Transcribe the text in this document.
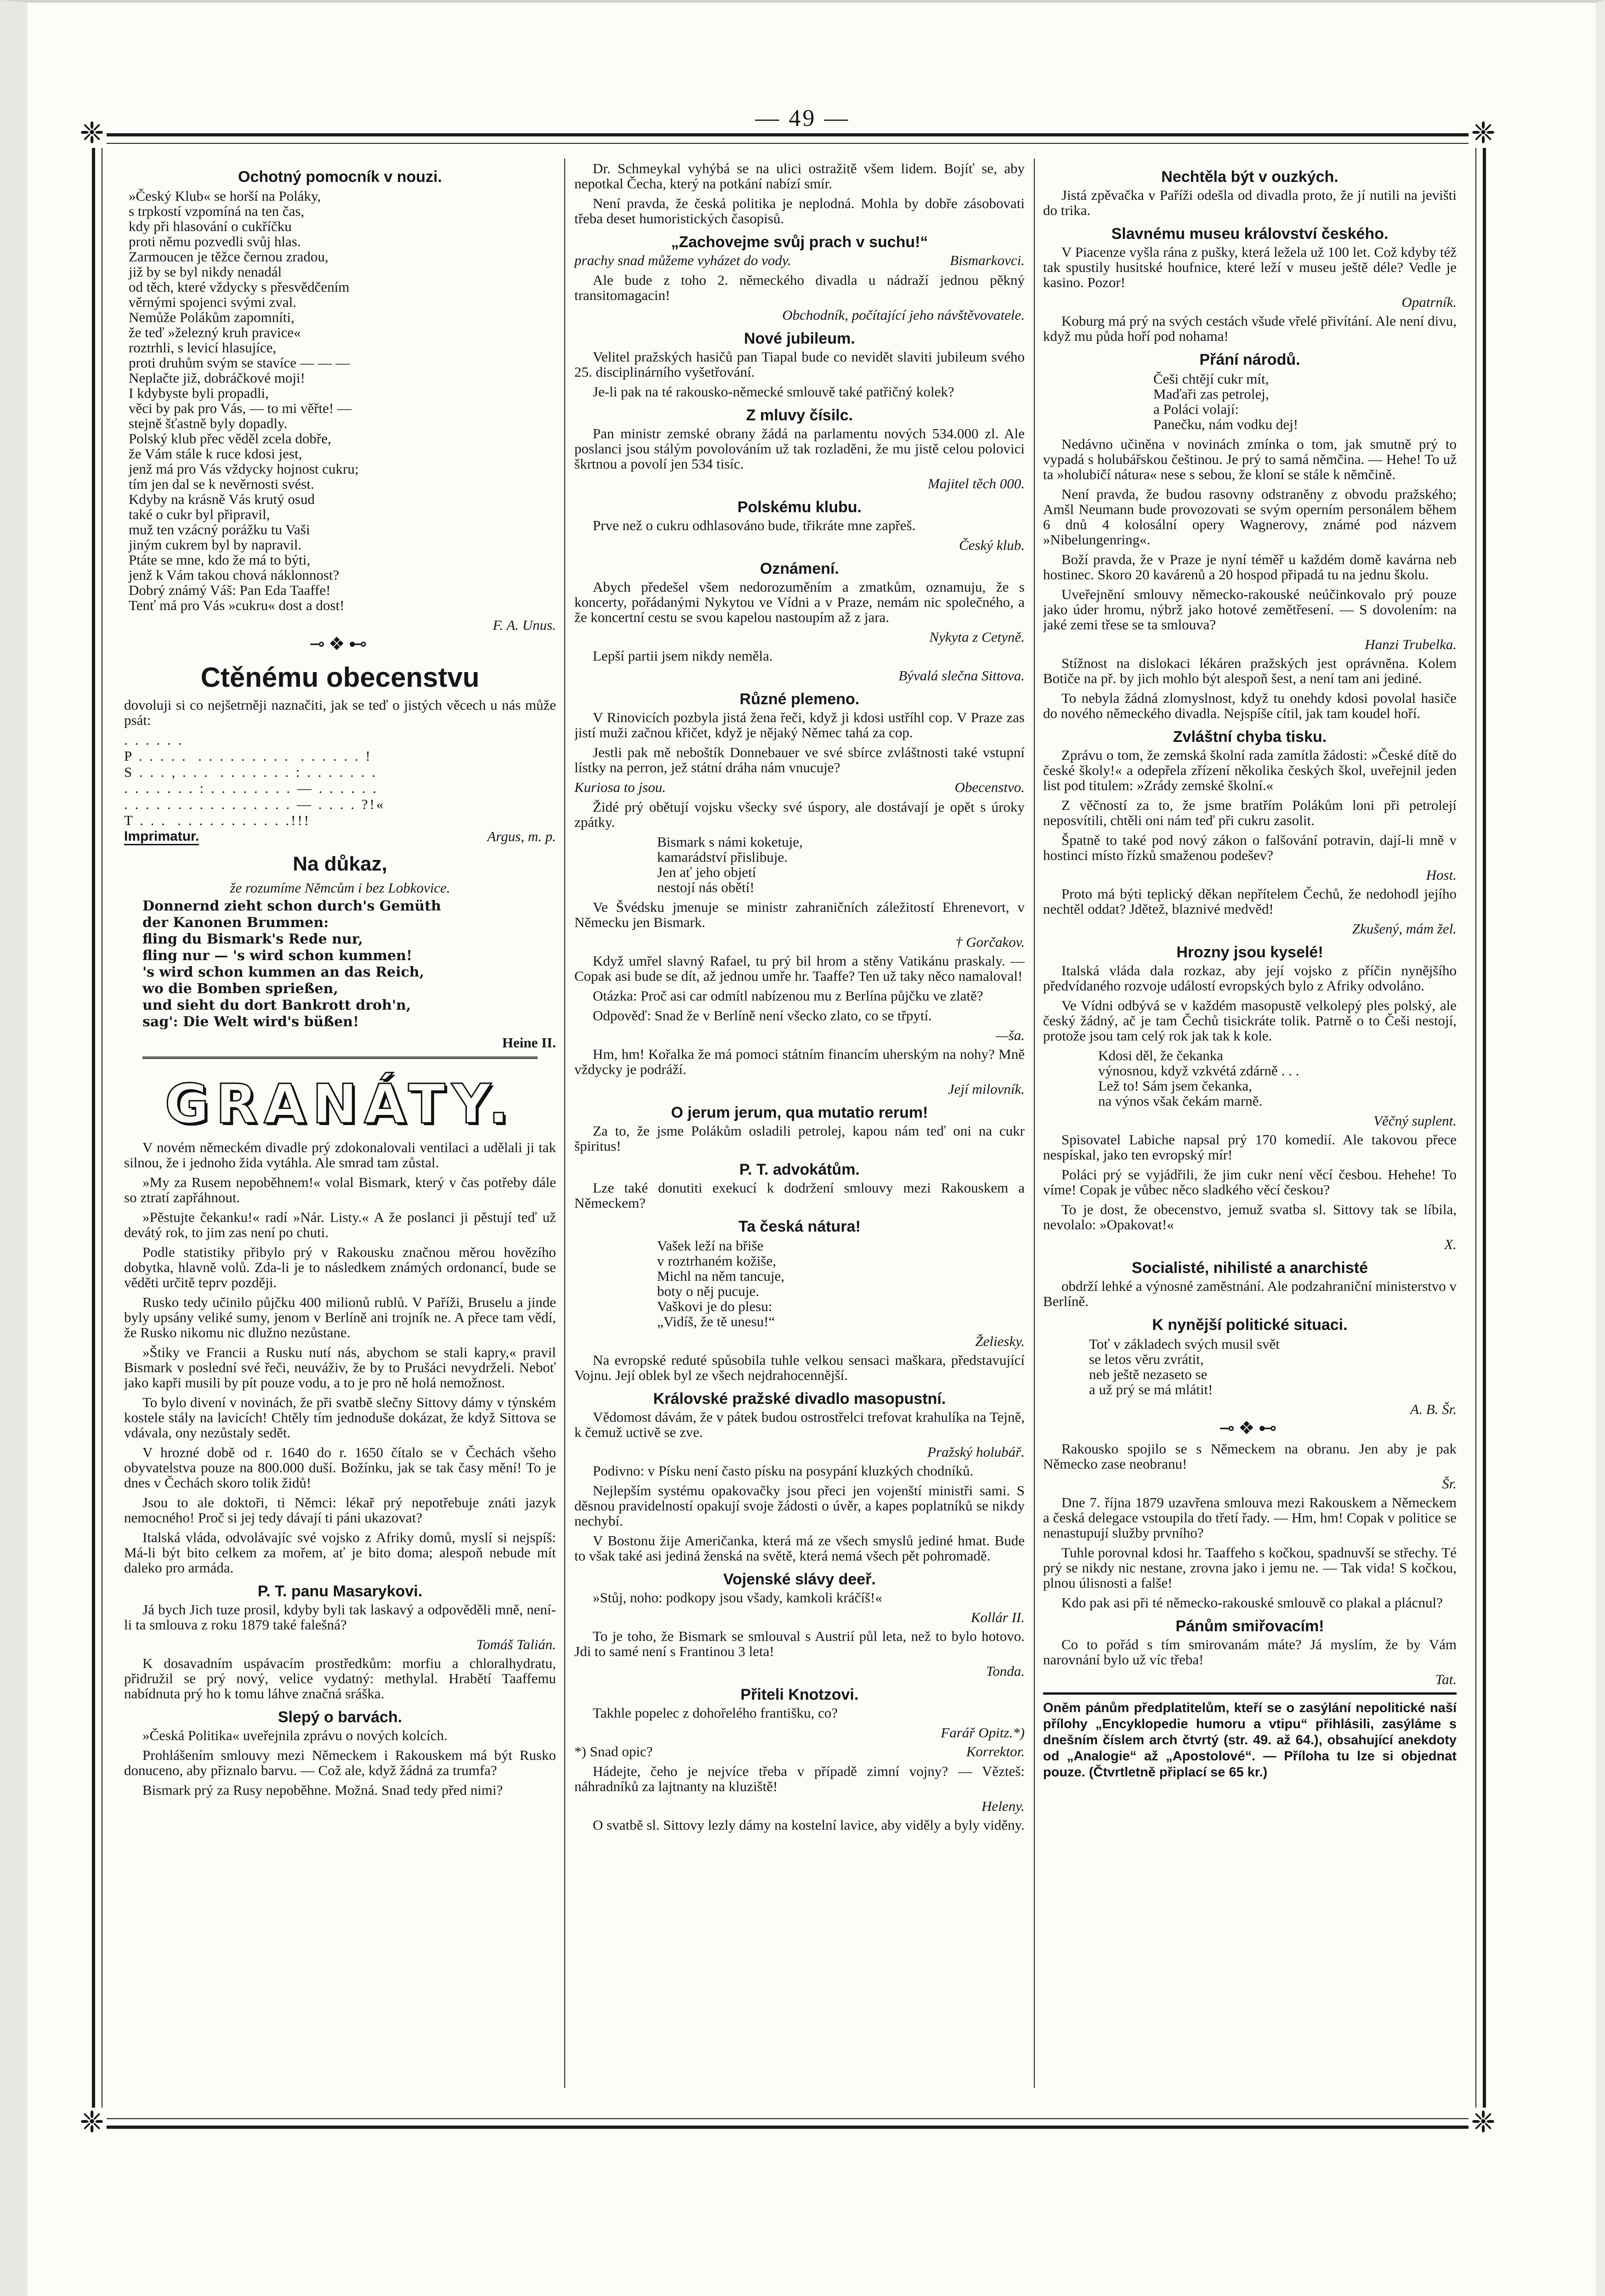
— 49 —
❈	❈
❈	❈
Ochotný pomocník v nouzi.
»Český Klub« se horší na Poláky,
s trpkostí vzpomíná na ten čas,
kdy při hlasování o cukříčku
proti němu pozvedli svůj hlas.
Zarmoucen je těžce černou zradou,
již by se byl nikdy nenadál
od těch, které vždycky s přesvědčením
věrnými spojenci svými zval.
Nemůže Polákům zapomníti,
že teď »železný kruh pravice«
roztrhli, s levicí hlasujíce,
proti druhům svým se stavíce — — —
Neplačte již, dobráčkové moji!
I kdybyste byli propadli,
věci by pak pro Vás, — to mi věřte! —
stejně šťastně byly dopadly.
Polský klub přec věděl zcela dobře,
že Vám stále k ruce kdosi jest,
jenž má pro Vás vždycky hojnost cukru;
tím jen dal se k nevěrnosti svést.
Kdyby na krásně Vás krutý osud
také o cukr byl připravil,
muž ten vzácný porážku tu Vaši
jiným cukrem byl by napravil.
Ptáte se mne, kdo že má to býti,
jenž k Vám takou chová náklonnost?
Dobrý známý Váš: Pan Eda Taaffe!
Tenť má pro Vás »cukru« dost a dost!
F. A. Unus.
⊸❖⊷
Ctěnému obecenstvu

dovoluji si co nejšetrněji naznačiti, jak se teď o jistých věcech u nás může psát:

. . . . . .
P . . . . .  . . . . . . . . .  . . . . . . !
S . . . , . . .  . . . . . . . : . . . . . . .
. . . . . . . : . . . . . . . . — . . . . . .
. . . . . . . . . . . . . . . . — . . . . ?!«
T . . .  . . . . . . . . . . .!!!
Imprimatur.	Argus, m. p.
Na důkaz,
že rozumíme Němcům i bez Lobkovice.
Donnernd zieht schon durch's Gemüth
der Kanonen Brummen:
fling du Bismark's Rede nur,
fling nur — 's wird schon kummen!
's wird schon kummen an das Reich,
wo die Bomben sprießen,
und sieht du dort Bankrott droh'n,
sag': Die Welt wird's büßen!
Heine II.
GRANÁTY.

V novém německém divadle prý zdokonalovali ventilaci a udělali ji tak silnou, že i jednoho žida vytáhla. Ale smrad tam zůstal.

»My za Rusem nepoběhnem!« volal Bismark, který v čas potřeby dále so ztratí zapřáhnout.

»Pěstujte čekanku!« radí »Nár. Listy.« A že poslanci ji pěstují teď už devátý rok, to jim zas není po chuti.

Podle statistiky přibylo prý v Rakousku značnou měrou hovězího dobytka, hlavně volů. Zda-li je to následkem známých ordonancí, bude se věděti určitě teprv později.

Rusko tedy učinilo půjčku 400 milionů rublů. V Paříži, Bruselu a jinde byly upsány veliké sumy, jenom v Berlíně ani trojník ne. A přece tam vědí, že Rusko nikomu nic dlužno nezůstane.

»Štiky ve Francii a Rusku nutí nás, abychom se stali kapry,« pravil Bismark v poslední své řeči, neuváživ, že by to Prušáci nevydrželi. Neboť jako kapři musili by pít pouze vodu, a to je pro ně holá nemožnost.

To bylo divení v novinách, že při svatbě slečny Sittovy dámy v týnském kostele stály na lavicích! Chtěly tím jednoduše dokázat, že když Sittova se vdávala, ony nezůstaly sedět.

V hrozné době od r. 1640 do r. 1650 čítalo se v Čechách všeho obyvatelstva pouze na 800.000 duší. Božínku, jak se tak časy mění! To je dnes v Čechách skoro tolik židů!

Jsou to ale doktoři, ti Němci: lékař prý nepotřebuje znáti jazyk nemocného! Proč si jej tedy dávají ti páni ukazovat?

Italská vláda, odvolávajíc své vojsko z Afriky domů, myslí si nejspíš: Má-li být bito celkem za mořem, ať je bito doma; alespoň nebude mít daleko pro armáda.

P. T. panu Masarykovi.

Já bych Jich tuze prosil, kdyby byli tak laskavý a odpověděli mně, není-li ta smlouva z roku 1879 také falešná?

Tomáš Talián.

K dosavadním uspávacím prostředkům: morfiu a chloralhydratu, přidružil se prý nový, velice vydatný: methylal. Hrabětí Taaffemu nabídnuta prý ho k tomu láhve značná sráška.

Slepý o barvách.

»Česká Politika« uveřejnila zprávu o nových kolcích.

Prohlášením smlouvy mezi Německem i Rakouskem má být Rusko donuceno, aby přiznalo barvu. — Což ale, když žádná za trumfa?

Bismark prý za Rusy nepoběhne. Možná. Snad tedy před nimi?

Dr. Schmeykal vyhýbá se na ulici ostražitě všem lidem. Bojíť se, aby nepotkal Čecha, který na potkání nabízí smír.

Není pravda, že česká politika je neplodná. Mohla by dobře zásobovati třeba deset humoristických časopisů.

„Zachovejme svůj prach v suchu!“
prachy snad můžeme vyházet do vody.	Bismarkovci.

Ale bude z toho 2. německého divadla u nádraží jednou pěkný transitomagacin!

Obchodník, počítající jeho návštěvovatele.
Nové jubileum.

Velitel pražských hasičů pan Tiapal bude co nevidět slaviti jubileum svého 25. disciplinárního vyšetřování.

Je-li pak na té rakousko-německé smlouvě také patřičný kolek?

Z mluvy čísilc.

Pan ministr zemské obrany žádá na parlamentu nových 534.000 zl. Ale poslanci jsou stálým povolováním už tak rozladěni, že mu jistě celou polovici škrtnou a povolí jen 534 tisíc.

Majitel těch 000.
Polskému klubu.

Prve než o cukru odhlasováno bude, třikráte mne zapřeš.

Český klub.
Oznámení.

Abych předešel všem nedorozuměním a zmatkům, oznamuju, že s koncerty, pořádanými Nykytou ve Vídni a v Praze, nemám nic společného, a že koncertní cestu se svou kapelou nastoupím až z jara.

Nykyta z Cetyně.

Lepší partii jsem nikdy neměla.

Bývalá slečna Sittova.
Různé plemeno.

V Rinovicích pozbyla jistá žena řeči, když ji kdosi ustříhl cop. V Praze zas jistí muži začnou křičet, když je nějaký Němec tahá za cop.

Jestli pak mě neboštík Donnebauer ve své sbírce zvláštnosti také vstupní lístky na perron, jež státní dráha nám vnucuje?

Kuriosa to jsou.	Obecenstvo.

Židé prý obětují vojsku všecky své úspory, ale dostávají je opět s úroky zpátky.

Bismark s námi koketuje,
kamarádství přislibuje.
Jen ať jeho objetí
nestojí nás obětí!

Ve Švédsku jmenuje se ministr zahraničních záležitostí Ehrenevort, v Německu jen Bismark.

† Gorčakov.

Když umřel slavný Rafael, tu prý bil hrom a stěny Vatikánu praskaly. — Copak asi bude se dít, až jednou umře hr. Taaffe? Ten už taky něco namaloval!

Otázka: Proč asi car odmítl nabízenou mu z Berlína půjčku ve zlatě?

Odpověď: Snad že v Berlíně není všecko zlato, co se třpytí.

—ša.

Hm, hm! Kořalka že má pomoci státním financím uherským na nohy? Mně vždycky je podráží.

Její milovník.
O jerum jerum, qua mutatio rerum!

Za to, že jsme Polákům osladili petrolej, kapou nám teď oni na cukr špiritus!

P. T. advokátům.

Lze také donutiti exekucí k dodržení smlouvy mezi Rakouskem a Německem?

Ta česká nátura!
Vašek leží na břiše
v roztrhaném kožiše,
Michl na něm tancuje,
boty o něj pucuje.
Vaškovi je do plesu:
„Vidíš, že tě unesu!“
Želiesky.

Na evropské reduté spůsobila tuhle velkou sensaci maškara, představující Vojnu. Její oblek byl ze všech nejdrahocennější.

Královské pražské divadlo masopustní.

Vědomost dávám, že v pátek budou ostrostřelci trefovat krahulíka na Tejně, k čemuž uctivě se zve.

Pražský holubář.

Podivno: v Písku není často písku na posypání kluzkých chodníků.

Nejlepším systému opakovačky jsou přeci jen vojenští ministři sami. S děsnou pravidelností opakují svoje žádosti o úvěr, a kapes poplatníků se nikdy nechybí.

V Bostonu žije Američanka, která má ze všech smyslů jediné hmat. Bude to však také asi jediná ženská na světě, která nemá všech pět pohromadě.

Vojenské slávy deeř.

»Stůj, noho: podkopy jsou všady, kamkoli kráčíš!«

Kollár II.

To je toho, že Bismark se smlouval s Austrií půl leta, než to bylo hotovo. Jdi to samé není s Frantinou 3 leta!

Tonda.
Přiteli Knotzovi.

Takhle popelec z dohořelého františku, co?

Farář Opitz.*)
*) Snad opic?	Korrektor.

Hádejte, čeho je nejvíce třeba v případě zimní vojny? — Vězteš: náhradníků za lajtnanty na kluziště!

Heleny.

O svatbě sl. Sittovy lezly dámy na kostelní lavice, aby viděly a byly viděny.

Nechtěla být v ouzkých.

Jistá zpěvačka v Paříži odešla od divadla proto, že jí nutili na jevišti do trika.

Slavnému museu království českého.

V Piacenze vyšla rána z pušky, která ležela už 100 let. Což kdyby též tak spustily husitské houfnice, které leží v museu ještě déle? Vedle je kasino. Pozor!

Opatrník.

Koburg má prý na svých cestách všude vřelé přivítání. Ale není divu, když mu půda hoří pod nohama!

Přání národů.
Češi chtějí cukr mít,
Maďaři zas petrolej,
a Poláci volají:
Panečku, nám vodku dej!

Nedávno učiněna v novinách zmínka o tom, jak smutně prý to vypadá s holubářskou češtinou. Je prý to samá němčina. — Hehe! To už ta »holubičí nátura« nese s sebou, že kloní se stále k němčině.

Není pravda, že budou rasovny odstraněny z obvodu pražského; Amšl Neumann bude provozovati se svým operním personálem během 6 dnů 4 kolosální opery Wagnerovy, známé pod názvem »Nibelungenring«.

Boží pravda, že v Praze je nyní téměř u každém domě kavárna neb hostinec. Skoro 20 kavárenů a 20 hospod připadá tu na jednu školu.

Uveřejnění smlouvy německo-rakouské neúčinkovalo prý pouze jako úder hromu, nýbrž jako hotové zemětřesení. — S dovolením: na jaké zemi třese se ta smlouva?

Hanzi Trubelka.

Stížnost na dislokaci lékáren pražských jest oprávněna. Kolem Botiče na př. by jich mohlo být alespoň šest, a není tam ani jediné.

To nebyla žádná zlomyslnost, když tu onehdy kdosi povolal hasiče do nového německého divadla. Nejspíše cítil, jak tam koudel hoří.

Zvláštní chyba tisku.

Zprávu o tom, že zemská školní rada zamítla žádosti: »České dítě do české školy!« a odepřela zřízení několika českých škol, uveřejnil jeden list pod titulem: »Zrády zemské školní.«

Z věčností za to, že jsme bratřím Polákům loni při petrolejí neposvítili, chtěli oni nám teď při cukru zasolit.

Špatně to také pod nový zákon o falšování potravin, dají-li mně v hostinci místo řízků smaženou podešev?

Host.

Proto má býti teplický děkan nepřítelem Čechů, že nedohodl jejího nechtěl oddat? Jdětež, blaznivé medvěd!

Zkušený, mám žel.
Hrozny jsou kyselé!

Italská vláda dala rozkaz, aby její vojsko z příčin nynějšího předvídaného rozvoje událostí evropských bylo z Afriky odvoláno.

Ve Vídni odbývá se v každém masopustě velkolepý ples polský, ale český žádný, ač je tam Čechů tisickráte tolik. Patrně o to Češi nestojí, protože jsou tam celý rok jak tak k kole.

Kdosi děl, že čekanka
výnosnou, když vzkvétá zdárně . . .
Lež to! Sám jsem čekanka,
na výnos však čekám marně.
Věčný suplent.

Spisovatel Labiche napsal prý 170 komedií. Ale takovou přece nespískal, jako ten evropský mír!

Poláci prý se vyjádřili, že jim cukr není věcí česbou. Hehehe! To víme! Copak je vůbec něco sladkého věcí českou?

To je dost, že obecenstvo, jemuž svatba sl. Sittovy tak se líbila, nevolalo: »Opakovat!«

X.
Socialisté, nihilisté a anarchisté

obdrží lehké a výnosné zaměstnání. Ale podzahraniční ministerstvo v Berlíně.

K nynější politické situaci.
Toť v základech svých musil svět
se letos věru zvrátit,
neb ještě nezaseto se
a už prý se má mlátit!
A. B. Šr.
⊸❖⊷

Rakousko spojilo se s Německem na obranu. Jen aby je pak Německo zase neobranu!

Šr.

Dne 7. října 1879 uzavřena smlouva mezi Rakouskem a Německem a česká delegace vstoupila do třetí řady. — Hm, hm! Copak v politice se nenastupují služby prvního?

Tuhle porovnal kdosi hr. Taaffeho s kočkou, spadnuvší se střechy. Té prý se nikdy nic nestane, zrovna jako i jemu ne. — Tak vida! S kočkou, plnou úlisnosti a falše!

Kdo pak asi při té německo-rakouské smlouvě co plakal a plácnul?

Pánům smiřovacím!

Co to pořád s tím smirovanám máte? Já myslím, že by Vám narovnání bylo už víc třeba!

Tat.

Oněm pánům předplatitelům, kteří se o zasýlání nepolitické naší přílohy „Encyklopedie humoru a vtipu“ přihlásili, zasýláme s dnešním číslem arch čtvrtý (str. 49. až 64.), obsahující anekdoty od „Analogie“ až „Apostolové“. — Příloha tu lze si objednat pouze. (Čtvrtletně připlací se 65 kr.)
